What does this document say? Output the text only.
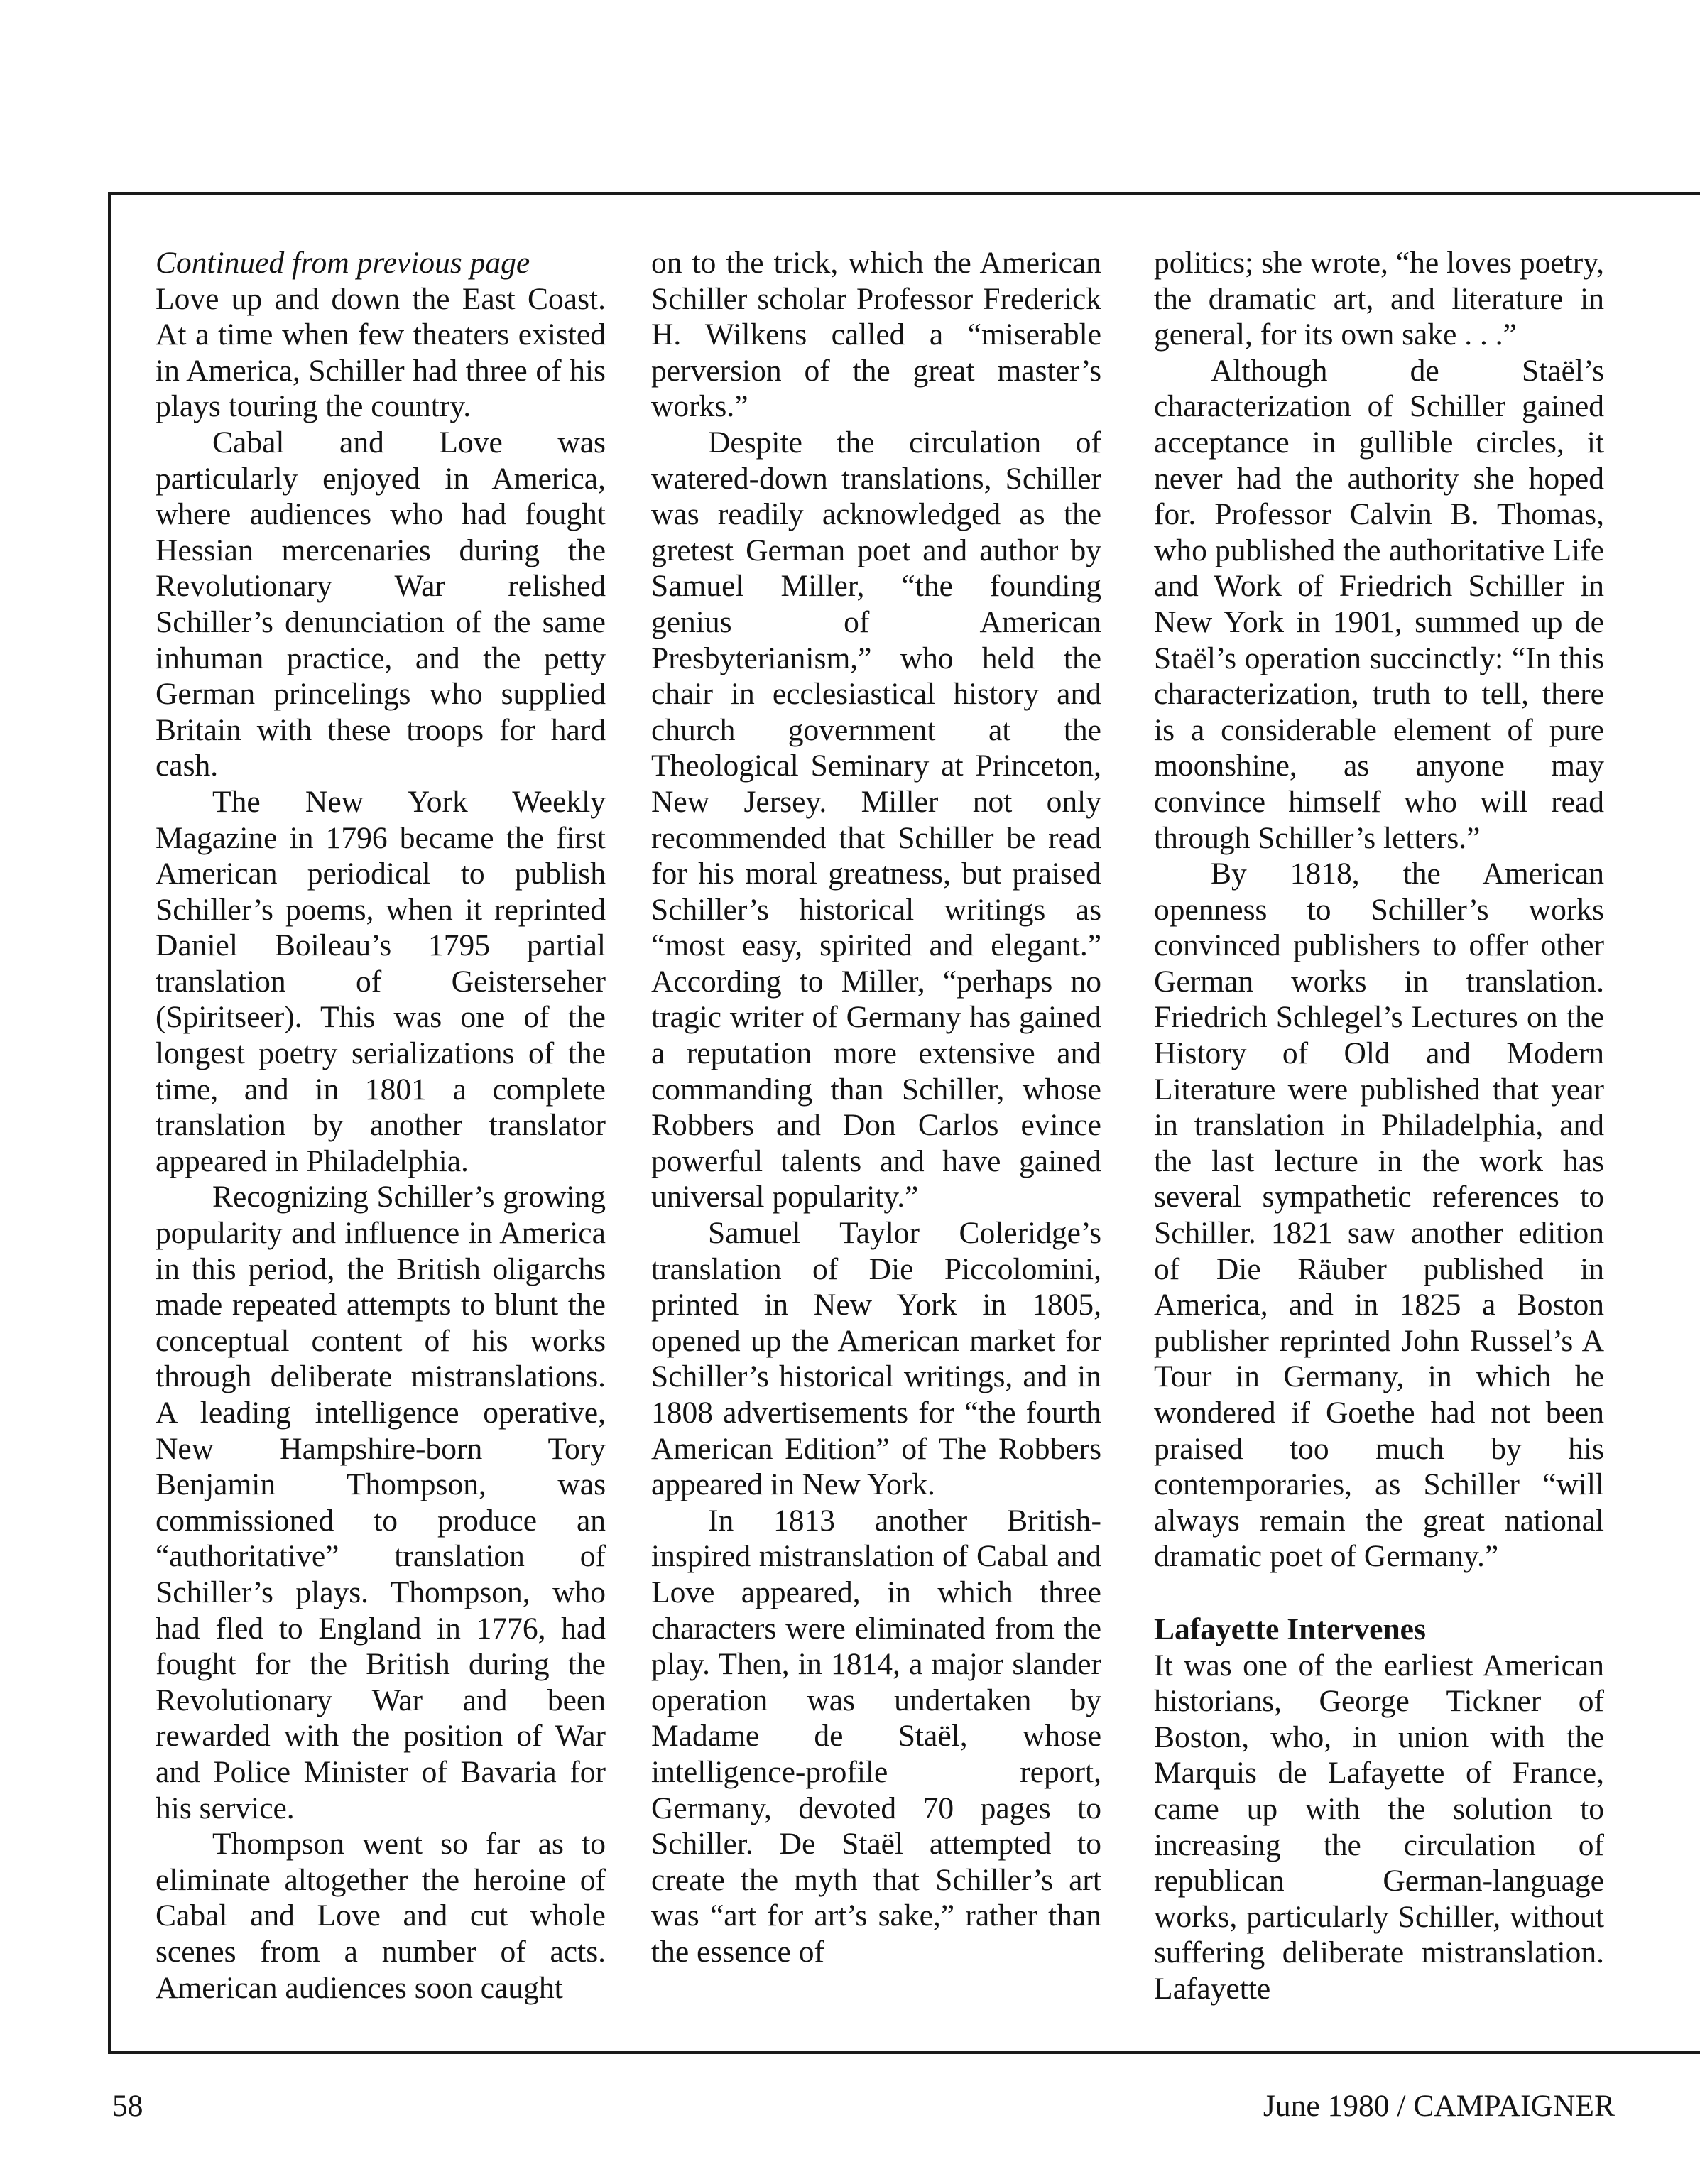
Continued from previous page

Love up and down the East Coast. At a time when few theaters existed in America, Schiller had three of his plays touring the country.

Cabal and Love was particularly enjoyed in America, where audiences who had fought Hessian mercenaries during the Revolutionary War relished Schiller’s denunciation of the same inhuman practice, and the petty German princelings who supplied Britain with these troops for hard cash.

The New York Weekly Magazine in 1796 became the first American periodical to publish Schiller’s poems, when it reprinted Daniel Boileau’s 1795 partial translation of Geisterseher (Spiritseer). This was one of the longest poetry serializations of the time, and in 1801 a complete translation by another translator appeared in Philadelphia.

Recognizing Schiller’s growing popularity and influence in America in this period, the British oligarchs made repeated attempts to blunt the conceptual content of his works through deliberate mistranslations. A leading intelligence operative, New Hampshire-born Tory Benjamin Thompson, was commissioned to produce an “authoritative” translation of Schiller’s plays. Thompson, who had fled to England in 1776, had fought for the British during the Revolutionary War and been rewarded with the position of War and Police Minister of Bavaria for his service.

Thompson went so far as to eliminate altogether the heroine of Cabal and Love and cut whole scenes from a number of acts. American audiences soon caught

on to the trick, which the American Schiller scholar Professor Frederick H. Wilkens called a “miserable perversion of the great master’s works.”

Despite the circulation of watered-down translations, Schiller was readily acknowledged as the gretest German poet and author by Samuel Miller, “the founding genius of American Presbyterianism,” who held the chair in ecclesiastical history and church government at the Theological Seminary at Princeton, New Jersey. Miller not only recommended that Schiller be read for his moral greatness, but praised Schiller’s historical writings as “most easy, spirited and elegant.” According to Miller, “perhaps no tragic writer of Germany has gained a reputation more extensive and commanding than Schiller, whose Robbers and Don Carlos evince powerful talents and have gained universal popularity.”

Samuel Taylor Coleridge’s translation of Die Piccolomini, printed in New York in 1805, opened up the American market for Schiller’s historical writings, and in 1808 advertisements for “the fourth American Edition” of The Robbers appeared in New York.

In 1813 another British-inspired mistranslation of Cabal and Love appeared, in which three characters were eliminated from the play. Then, in 1814, a major slander operation was undertaken by Madame de Staël, whose intelligence-profile report, Germany, devoted 70 pages to Schiller. De Staël attempted to create the myth that Schiller’s art was “art for art’s sake,” rather than the essence of

politics; she wrote, “he loves poetry, the dramatic art, and literature in general, for its own sake . . .”

Although de Staël’s characterization of Schiller gained acceptance in gullible circles, it never had the authority she hoped for. Professor Calvin B. Thomas, who published the authoritative Life and Work of Friedrich Schiller in New York in 1901, summed up de Staël’s operation succinctly: “In this characterization, truth to tell, there is a considerable element of pure moonshine, as anyone may convince himself who will read through Schiller’s letters.”

By 1818, the American openness to Schiller’s works convinced publishers to offer other German works in translation. Friedrich Schlegel’s Lectures on the History of Old and Modern Literature were published that year in translation in Philadelphia, and the last lecture in the work has several sympathetic references to Schiller. 1821 saw another edition of Die Räuber published in America, and in 1825 a Boston publisher reprinted John Russel’s A Tour in Germany, in which he wondered if Goethe had not been praised too much by his contemporaries, as Schiller “will always remain the great national dramatic poet of Germany.”

Lafayette Intervenes

It was one of the earliest American historians, George Tickner of Boston, who, in union with the Marquis de Lafayette of France, came up with the solution to increasing the circulation of republican German-language works, particularly Schiller, without suffering deliberate mistranslation. Lafayette

58	June 1980 / CAMPAIGNER
